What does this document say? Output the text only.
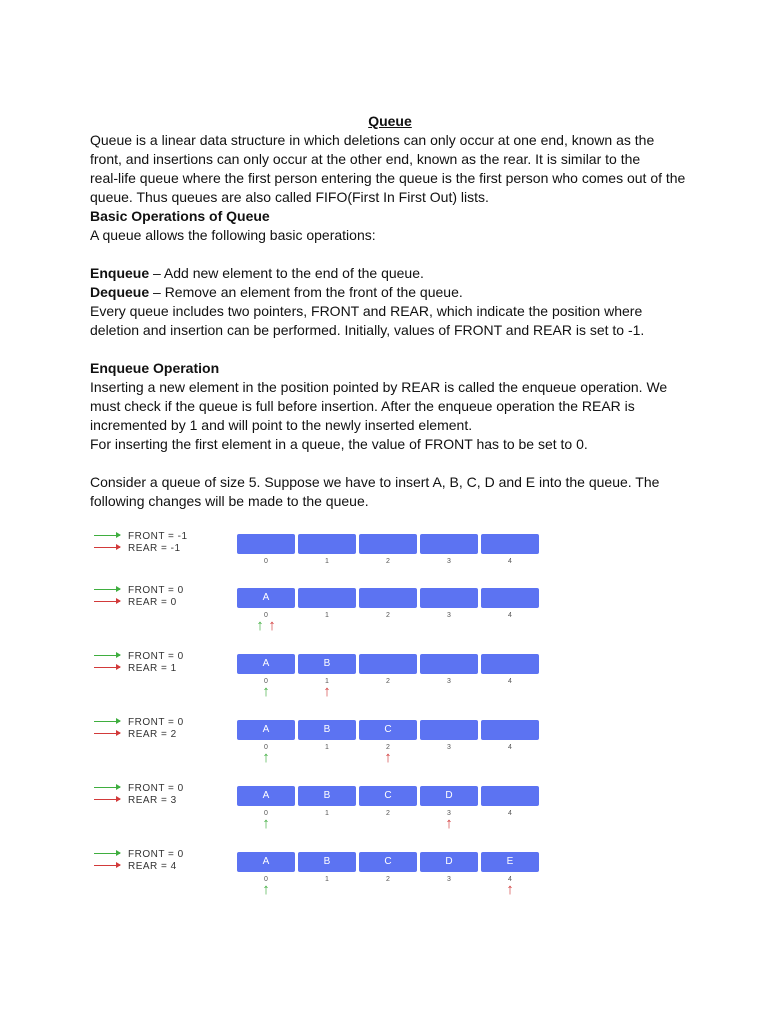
Queue

Queue is a linear data structure in which deletions can only occur at one end, known as the

front, and insertions can only occur at the other end, known as the rear. It is similar to the

real-life queue where the first person entering the queue is the first person who comes out of the

queue. Thus queues are also called FIFO(First In First Out) lists.

Basic Operations of Queue

A queue allows the following basic operations:

Enqueue – Add new element to the end of the queue.

Dequeue – Remove an element from the front of the queue.

Every queue includes two pointers, FRONT and REAR, which indicate the position where

deletion and insertion can be performed. Initially, values of FRONT and REAR is set to -1.

Enqueue Operation

Inserting a new element in the position pointed by REAR is called the enqueue operation. We

must check if the queue is full before insertion. After the enqueue operation the REAR is

incremented by 1 and will point to the newly inserted element.

For inserting the first element in a queue, the value of FRONT has to be set to 0.

Consider a queue of size 5. Suppose we have to insert A, B, C, D and E into the queue. The

following changes will be made to the queue.

FRONT = -1
REAR = -1
0	1	2	3	4
FRONT = 0
REAR = 0	A
0	1	2	3	4
↑ ↑
FRONT = 0
REAR = 1	A
0
B
1	2	3	4
↑	↑
FRONT = 0
REAR = 2	A
0
B
1
C
2	3	4
↑	↑
FRONT = 0
REAR = 3	A
0
B
1
C
2
D
3	4
↑	↑
FRONT = 0
REAR = 4	A
0
B
1
C
2
D
3
E
4
↑	↑
